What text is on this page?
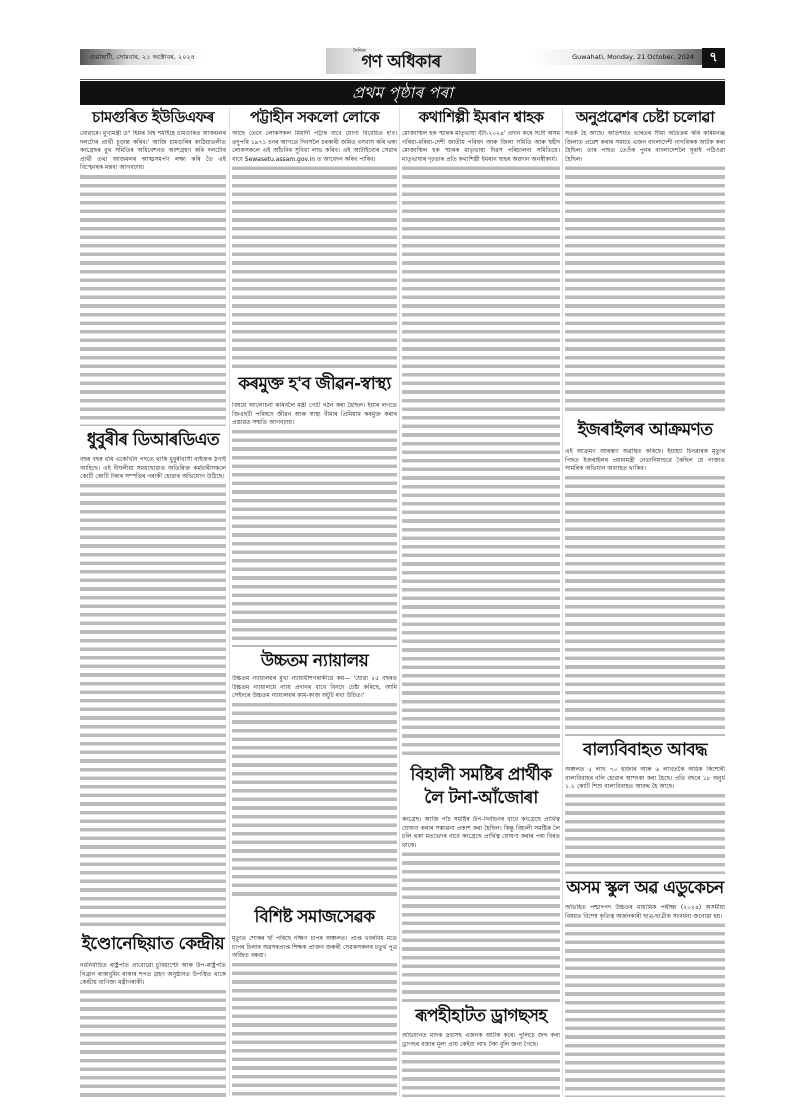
গুৱাহাটী, সোমবাৰ, ২১ অক্টোবৰ, ২০২৪
দৈনিক
গণ অধিকাৰ	Guwahati, Monday, 21 October, 2024	৭
প্ৰথম পৃষ্ঠাৰ পৰা
চামগুৰিত ইউডিএফৰ

নোৱাৰে। মুখ্যমন্ত্ৰী ড° হিমন্ত বিশ্ব শৰ্মাইহে চামগুৰিত আজমলৰ দলটোৰ প্ৰাৰ্থী চূড়ান্ত কৰিব।' আজি চামগুৰিৰ কাঠিয়াতলীত কংগ্ৰেছৰ বুথ সমিতিৰ অধিবেশনত অংশগ্ৰহণ কৰি দলটোৰ প্ৰাৰ্থী তথা আজমলৰ আত্মসমৰ্পণ লক্ষ্য কৰি তৈ এই বিস্ফোৰক মন্তব্য আগবঢ়ায়।

ধুবুৰীৰ ডিআৰডিএত

বছৰ বছৰ ধৰি একেখিনি পদতে থাকি ধুবুৰীবাসী বাইজক ঠগাই আহিছে। এই দীঘলীয়া সময়ছোৱাত অতিৰিক্ত কৰ্মচাৰীসকলে কোটি কোটি টকাৰ সম্পত্তিৰ গৰাকী হোৱাৰ অভিযোগ উঠিছে।

ইণ্ডোনেছিয়াত কেন্দ্ৰীয়

নৱনিৰ্বাচিত ৰাষ্ট্ৰপতি প্ৰাবোৱো চুবিয়াণ্টো আৰু উপ-ৰাষ্ট্ৰপতি গিব্ৰান ৰাকাবুমিং ৰাকাৰ শপত গ্ৰহণ অনুষ্ঠানত উপস্থিত থাকে কেন্দ্ৰীয় বাণিজ্য মন্ত্ৰীগৰাকী।

পট্টাহীন সকলো লোকে

আছে তেনে লোকসকল মিয়াদী পট্টাৰ বাবে যোগ্য বিবেচিত হ'ব। তদুপৰি ১৯৭১ চনৰ আগতে দিবসলৈ চৰকাৰী জমিত বসবাস কৰি থকা লোকসকলে এই আঁচনিৰ সুবিধা লাভ কৰিব। এই আটাইবোৰ সেৱাৰ বাবে Sewasetu.assam.gov.in ত আবেদন কৰিব পাৰিব।

কৰমুক্ত হ'ব জীৱন-স্বাস্থ্য

বিষয়ে আলোচনা কৰিবলৈ মন্ত্ৰী গোট গঠন কৰা হৈছিল। ইয়াৰ লগতে জিএছটি পৰিষদে জীৱন আৰু স্বাস্থ্য বীমাৰ প্ৰিমিয়াম কৰমুক্ত কৰাৰ প্ৰস্তাৱত সন্মতি আগবঢ়ায়।

উচ্চতম ন্যায়ালয়

উচ্চতম ন্যায়ালয়ৰ মুখ্য ন্যায়াধীশগৰাকীয়ে কয়— 'যোৱা ২৫ বছৰত উচ্চতম ন্যায়ালয়ে ন্যায় প্ৰদানৰ বাবে বিনদে চেষ্টা কৰিছে, আমি সেইদৰে উচ্চতম ন্যায়ালয়ৰ কাম-কাজ অটুট ৰখা উচিত।'

বিশিষ্ট সমাজসেৱক

মৃত্যুত শোকৰ ছাঁ পৰিছে দক্ষিণ চাপৰ অঞ্চলত। প্ৰাপ্ত খবৰবিধ মতে চাপৰ চিলাৰ অৱসৰপ্ৰাপ্ত শিক্ষক প্ৰাক্তন জৰুৰী সেৱকসকলৰ চতুৰ্থ পুত্ৰ অজিত বৰুৱা।

কথাশিল্পী ইমৰান শ্বাহক

মোজাম্মিল হক স্মাৰক মাতৃভাষা বঁটা-২০২৪' প্ৰদান কৰে সদৌ অসম গৰিয়া-মৰিয়া-দেশী জাতীয় পৰিষদ আৰু জিলা সমিতি আৰু শ্বহীদ মোজাম্মিল হক স্মাৰক মাতৃভাষা দিৱস পৰিচালনা সমিতিয়ে। মাতৃভাষাৰ দৃঢ়তাৰ প্ৰতি কথাশিল্পী ইমৰান শ্বাহৰ অৱদান অনস্বীকাৰ্য।

বিহালী সমষ্টিৰ প্ৰাৰ্থীক লৈ টনা-আঁজোৰা

কংগ্ৰেছ। আজি পাঁচ সমষ্টিৰ উপ-নিৰ্বাচনৰ বাবে কংগ্ৰেছে প্ৰাৰ্থিত্ব ঘোষণা কৰাৰ সম্ভাৱনা প্ৰকাশ কৰা হৈছিল। কিন্তু বিহালী সমষ্টিক লৈ চলি থকা মতভেদৰ বাবে কংগ্ৰেছে প্ৰাৰ্থিত্ব ঘোষণা কৰাৰ পৰা বিৰত থাকে।

ৰূপহীহাটত ড্ৰাগছসহ

অভিযানত মাদক দ্ৰব্যসহ এজনক আটক কৰে। পুলিচে জব্দ কৰা ড্ৰাগছৰ বজাৰ মূল্য প্ৰায় কেইবা লাখ টকা বুলি জনা গৈছে।

অনুপ্ৰৱেশৰ চেষ্টা চলোৱা

সতৰ্ক হৈ আছে। অতিশয়ত ভাৰতৰ সীমা অতিক্ৰম কৰি কৰিমগঞ্জ জিলাত প্ৰৱেশ কৰাৰ সময়ত এজন বাংলাদেশী নাগৰিকক আটক কৰা হৈছিল। তাৰ পাছত তেওঁক পুনৰ বাংলাদেশলৈ ঘূৰাই পঠিওৱা হৈছিল।

ইজৰাইলৰ আক্ৰমণত

এই আক্ৰমণ আৰম্ভণ অৱস্থিত কৰিছে। ইয়াহ্যা চিনৱাৰক মৃত্যুৰ পিছত ইজৰাইলৰ প্ৰধানমন্ত্ৰী নেতানিয়াহুৱে কৈছিল যে গাজাত সামৰিক অভিযান অব্যাহত থাকিব।

বাল্যবিবাহত আবদ্ধ

অঞ্চলত ৫ লাখ ৭০ হাজাৰ আৰু ৬ লাখতকৈ অধিক কিশোৰী বাল্যবিবাহৰ বলি হোৱাৰ আশংকা কৰা হৈছে। প্ৰতি বছৰে ১৮ অনুৰ্ধ ১.২ কোটি শিশু বাল্যবিবাহত আবদ্ধ হৈ আছে।

অসম স্কুল অৱ এডুকেচন

অভিহিত পশ্চাদপদ উচ্চতৰ মাধ্যমিক পৰীক্ষা (২০২৪) অসমীয়া বিষয়ত বিশেষ কৃতিত্ব অৰ্জনকাৰী ছাত্ৰ-ছাত্ৰীক সংবৰ্ধনা জনোৱা হয়।
